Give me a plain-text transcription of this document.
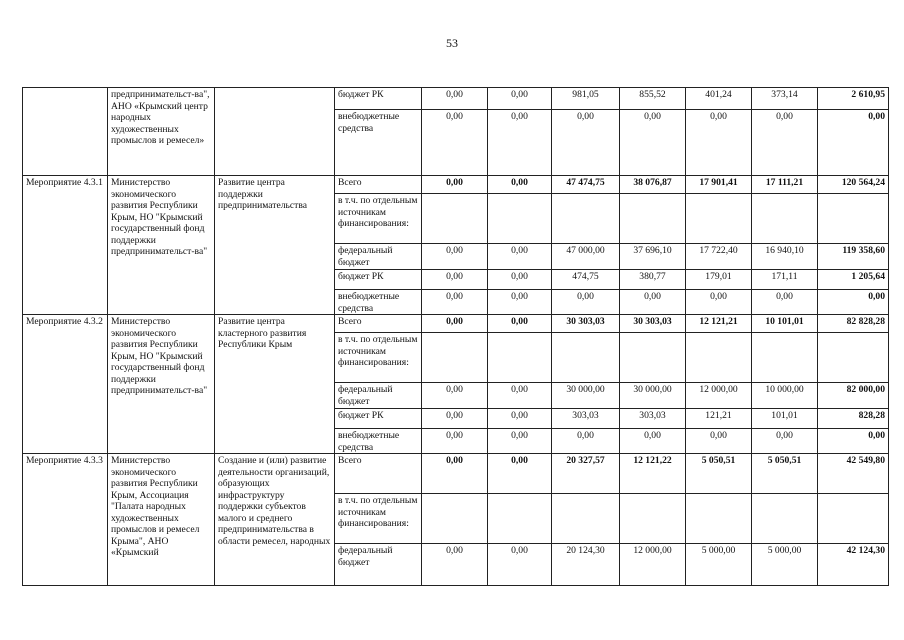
53
	предпринимательст-ва", АНО «Крымский центр народных художественных промыслов и ремесел»		бюджет РК	0,00	0,00	981,05	855,52	401,24	373,14	2 610,95
			внебюджетные средства	0,00	0,00	0,00	0,00	0,00	0,00	0,00
Мероприятие 4.3.1	Министерство экономического развития Республики Крым, НО "Крымский государственный фонд поддержки предпринимательст-ва"	Развитие центра поддержки предпринимательства	Всего	0,00	0,00	47 474,75	38 076,87	17 901,41	17 111,21	120 564,24
			в т.ч. по отдельным источникам финансирования:							
			федеральный бюджет	0,00	0,00	47 000,00	37 696,10	17 722,40	16 940,10	119 358,60
			бюджет РК	0,00	0,00	474,75	380,77	179,01	171,11	1 205,64
			внебюджетные средства	0,00	0,00	0,00	0,00	0,00	0,00	0,00
Мероприятие 4.3.2	Министерство экономического развития Республики Крым, НО "Крымский государственный фонд поддержки предпринимательст-ва"	Развитие центра кластерного развития Республики Крым	Всего	0,00	0,00	30 303,03	30 303,03	12 121,21	10 101,01	82 828,28
			в т.ч. по отдельным источникам финансирования:							
			федеральный бюджет	0,00	0,00	30 000,00	30 000,00	12 000,00	10 000,00	82 000,00
			бюджет РК	0,00	0,00	303,03	303,03	121,21	101,01	828,28
			внебюджетные средства	0,00	0,00	0,00	0,00	0,00	0,00	0,00
Мероприятие 4.3.3	Министерство экономического развития Республики Крым, Ассоциация "Палата народных художественных промыслов и ремесел Крыма", АНО «Крымский	Создание и (или) развитие деятельности организаций, образующих инфраструктуру поддержки субъектов малого и среднего предпринимательства в области ремесел, народных	Всего	0,00	0,00	20 327,57	12 121,22	5 050,51	5 050,51	42 549,80
			в т.ч. по отдельным источникам финансирования:							
			федеральный бюджет	0,00	0,00	20 124,30	12 000,00	5 000,00	5 000,00	42 124,30
